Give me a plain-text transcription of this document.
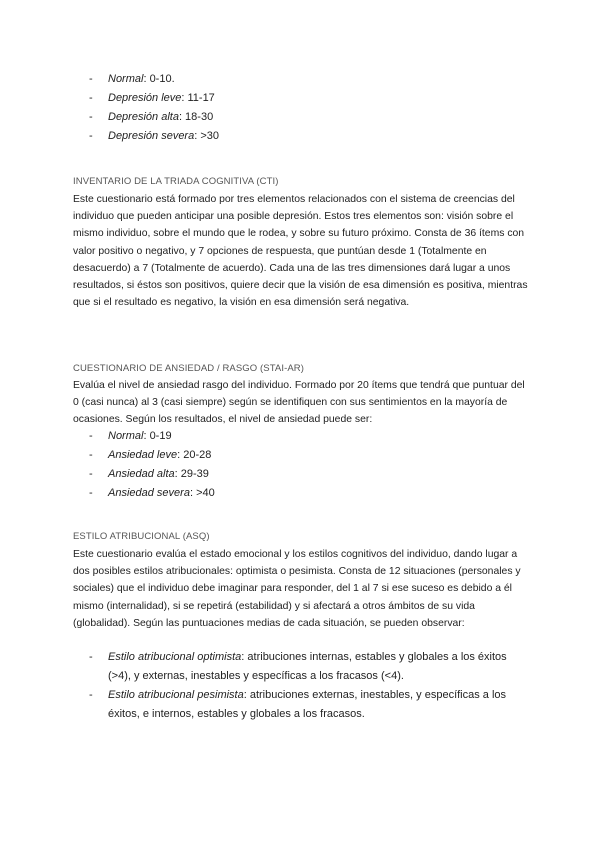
- Normal: 0-10.
- Depresión leve: 11-17
- Depresión alta: 18-30
- Depresión severa: >30
INVENTARIO DE LA TRIADA COGNITIVA (CTI)

Este cuestionario está formado por tres elementos relacionados con el sistema de creencias del individuo que pueden anticipar una posible depresión. Estos tres elementos son: visión sobre el mismo individuo, sobre el mundo que le rodea, y sobre su futuro próximo. Consta de 36 ítems con valor positivo o negativo, y 7 opciones de respuesta, que puntúan desde 1 (Totalmente en desacuerdo) a 7 (Totalmente de acuerdo). Cada una de las tres dimensiones dará lugar a unos resultados, si éstos son positivos, quiere decir que la visión de esa dimensión es positiva, mientras que si el resultado es negativo, la visión en esa dimensión será negativa.

CUESTIONARIO DE ANSIEDAD / RASGO (STAI-AR)

Evalúa el nivel de ansiedad rasgo del individuo. Formado por 20 ítems que tendrá que puntuar del 0 (casi nunca) al 3 (casi siempre) según se identifiquen con sus sentimientos en la mayoría de ocasiones. Según los resultados, el nivel de ansiedad puede ser:

- Normal: 0-19
- Ansiedad leve: 20-28
- Ansiedad alta: 29-39
- Ansiedad severa: >40
ESTILO ATRIBUCIONAL (ASQ)

Este cuestionario evalúa el estado emocional y los estilos cognitivos del individuo, dando lugar a dos posibles estilos atribucionales: optimista o pesimista. Consta de 12 situaciones (personales y sociales) que el individuo debe imaginar para responder, del 1 al 7 si ese suceso es debido a él mismo (internalidad), si se repetirá (estabilidad) y si afectará a otros ámbitos de su vida (globalidad). Según las puntuaciones medias de cada situación, se pueden observar:

- Estilo atribucional optimista: atribuciones internas, estables y globales a los éxitos (>4), y externas, inestables y específicas a los fracasos (<4).
- Estilo atribucional pesimista: atribuciones externas, inestables, y específicas a los éxitos, e internos, estables y globales a los fracasos.
